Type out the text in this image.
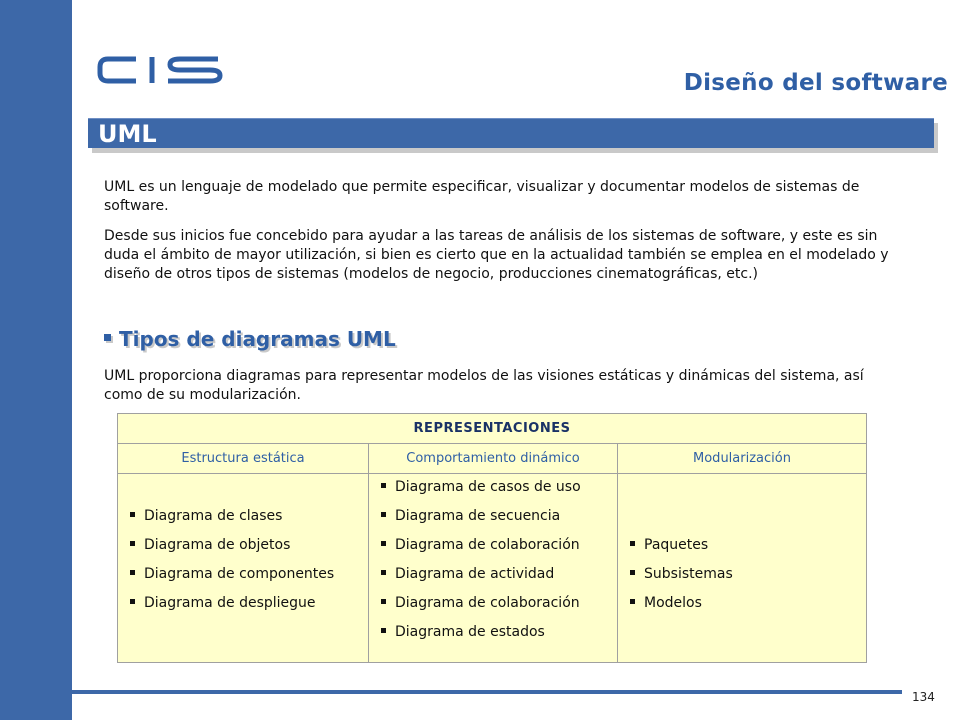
Diseño del software
UML
UML es un lenguaje de modelado que permite especificar, visualizar y documentar modelos de sistemas de software.
Desde sus inicios fue concebido para ayudar a las tareas de análisis de los sistemas de software, y este es sin duda el ámbito de mayor utilización, si bien es cierto que en la actualidad también se emplea en el modelado y diseño de otros tipos de sistemas (modelos de negocio, producciones cinematográficas, etc.)
Tipos de diagramas UML
UML proporciona diagramas para representar modelos de las visiones estáticas y dinámicas del sistema, así como de su modularización.
REPRESENTACIONES
Estructura estática	Comportamiento dinámico	Modularización
Diagrama de clases
Diagrama de objetos
Diagrama de componentes
Diagrama de despliegue
Diagrama de casos de uso
Diagrama de secuencia
Diagrama de colaboración
Diagrama de actividad
Diagrama de colaboración
Diagrama de estados
Paquetes
Subsistemas
Modelos
134
